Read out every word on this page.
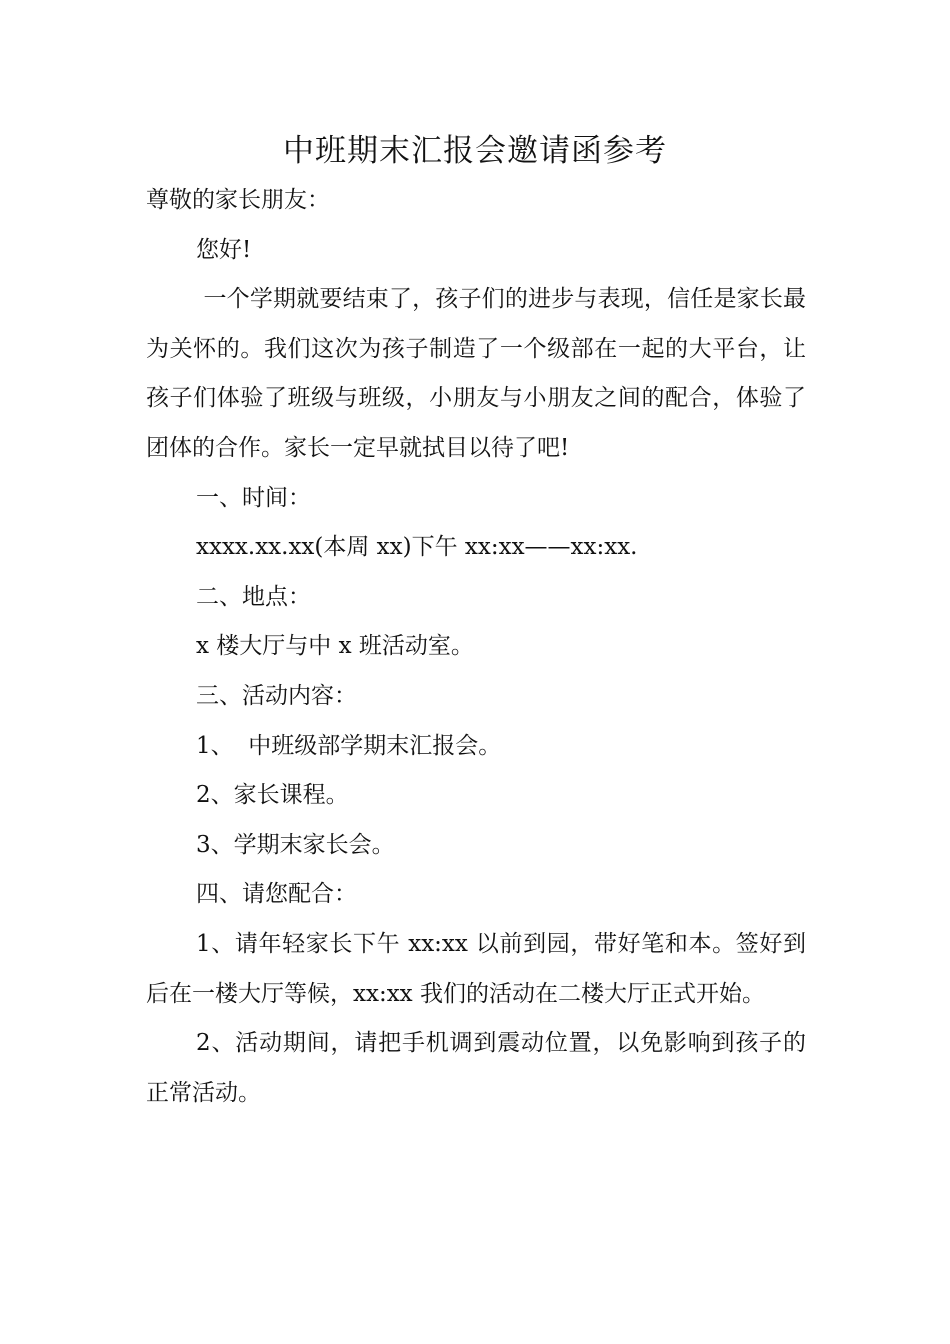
中班期末汇报会邀请函参考

尊敬的家长朋友：

您好!

一个学期就要结束了，孩子们的进步与表现，信任是家长最为关怀的。我们这次为孩子制造了一个级部在一起的大平台，让孩子们体验了班级与班级，小朋友与小朋友之间的配合，体验了团体的合作。家长一定早就拭目以待了吧!

一、时间：

xxxx.xx.xx(本周 xx)下午 xx:xx——xx:xx.

二、地点：

x 楼大厅与中 x 班活动室。

三、活动内容：

1、  中班级部学期末汇报会。

2、家长课程。

3、学期末家长会。

四、请您配合：

1、请年轻家长下午 xx:xx 以前到园，带好笔和本。签好到后在一楼大厅等候，xx:xx 我们的活动在二楼大厅正式开始。

2、活动期间，请把手机调到震动位置，以免影响到孩子的正常活动。
